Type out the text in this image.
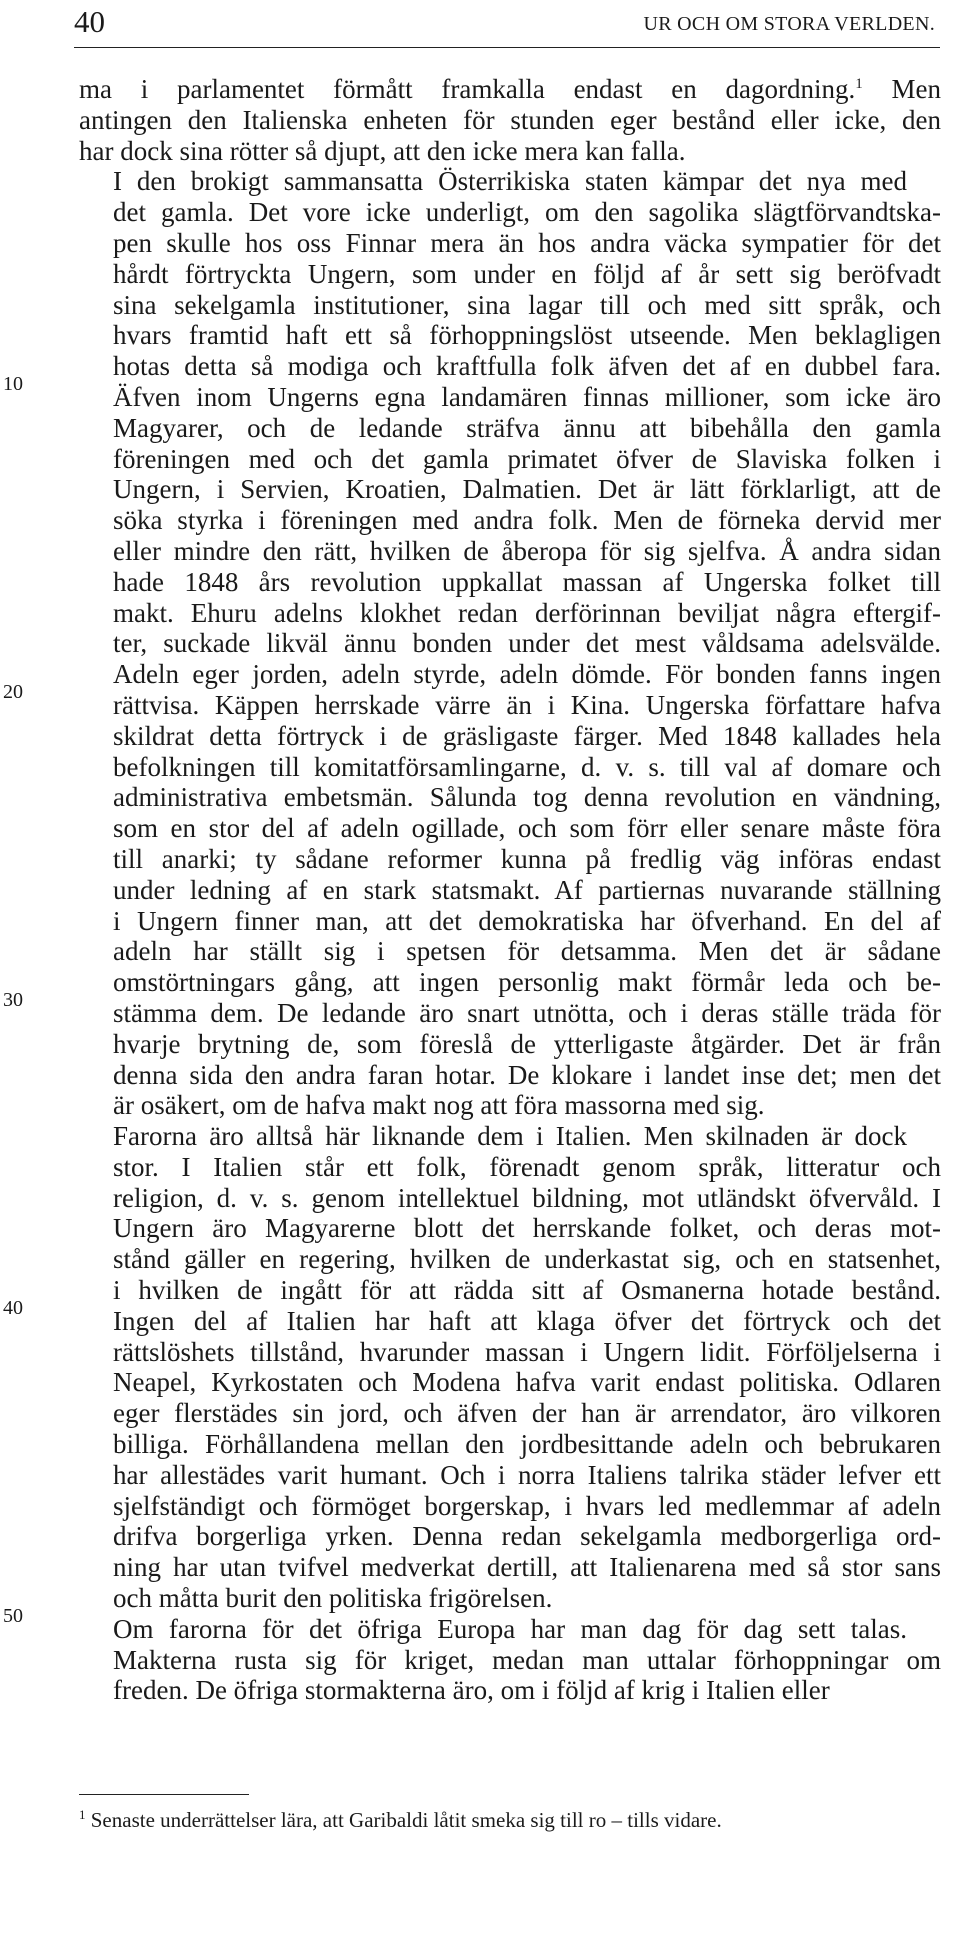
40	UR OCH OM STORA VERLDEN.
10
20
30
40
50

ma i parlamentet förmått framkalla endast en dagordning.$^1$ Men
antingen den Italienska enheten för stunden eger bestånd eller icke, den
har dock sina rötter så djupt, att den icke mera kan falla.

I den brokigt sammansatta Österrikiska staten kämpar det nya med
det gamla. Det vore icke underligt, om den sagolika slägtförvandtska-
pen skulle hos oss Finnar mera än hos andra väcka sympatier för det
hårdt förtryckta Ungern, som under en följd af år sett sig beröfvadt
sina sekelgamla institutioner, sina lagar till och med sitt språk, och
hvars framtid haft ett så förhoppningslöst utseende. Men beklagligen
hotas detta så modiga och kraftfulla folk äfven det af en dubbel fara.
Äfven inom Ungerns egna landamären finnas millioner, som icke äro
Magyarer, och de ledande sträfva ännu att bibehålla den gamla
föreningen med och det gamla primatet öfver de Slaviska folken i
Ungern, i Servien, Kroatien, Dalmatien. Det är lätt förklarligt, att de
söka styrka i föreningen med andra folk. Men de förneka dervid mer
eller mindre den rätt, hvilken de åberopa för sig sjelfva. Å andra sidan
hade 1848 års revolution uppkallat massan af Ungerska folket till
makt. Ehuru adelns klokhet redan derförinnan beviljat några eftergif-
ter, suckade likväl ännu bonden under det mest våldsama adelsvälde.
Adeln eger jorden, adeln styrde, adeln dömde. För bonden fanns ingen
rättvisa. Käppen herrskade värre än i Kina. Ungerska författare hafva
skildrat detta förtryck i de gräsligaste färger. Med 1848 kallades hela
befolkningen till komitatförsamlingarne, d. v. s. till val af domare och
administrativa embetsmän. Sålunda tog denna revolution en vändning,
som en stor del af adeln ogillade, och som förr eller senare måste föra
till anarki; ty sådane reformer kunna på fredlig väg införas endast
under ledning af en stark statsmakt. Af partiernas nuvarande ställning
i Ungern finner man, att det demokratiska har öfverhand. En del af
adeln har ställt sig i spetsen för detsamma. Men det är sådane
omstörtningars gång, att ingen personlig makt förmår leda och be-
stämma dem. De ledande äro snart utnötta, och i deras ställe träda för
hvarje brytning de, som föreslå de ytterligaste åtgärder. Det är från
denna sida den andra faran hotar. De klokare i landet inse det; men det
är osäkert, om de hafva makt nog att föra massorna med sig.

Farorna äro alltså här liknande dem i Italien. Men skilnaden är dock
stor. I Italien står ett folk, förenadt genom språk, litteratur och
religion, d. v. s. genom intellektuel bildning, mot utländskt öfvervåld. I
Ungern äro Magyarerne blott det herrskande folket, och deras mot-
stånd gäller en regering, hvilken de underkastat sig, och en statsenhet,
i hvilken de ingått för att rädda sitt af Osmanerna hotade bestånd.
Ingen del af Italien har haft att klaga öfver det förtryck och det
rättslöshets tillstånd, hvarunder massan i Ungern lidit. Förföljelserna i
Neapel, Kyrkostaten och Modena hafva varit endast politiska. Odlaren
eger flerstädes sin jord, och äfven der han är arrendator, äro vilkoren
billiga. Förhållandena mellan den jordbesittande adeln och bebrukaren
har allestädes varit humant. Och i norra Italiens talrika städer lefver ett
sjelfständigt och förmöget borgerskap, i hvars led medlemmar af adeln
drifva borgerliga yrken. Denna redan sekelgamla medborgerliga ord-
ning har utan tvifvel medverkat dertill, att Italienarena med så stor sans
och måtta burit den politiska frigörelsen.

Om farorna för det öfriga Europa har man dag för dag sett talas.
Makterna rusta sig för kriget, medan man uttalar förhoppningar om
freden. De öfriga stormakterna äro, om i följd af krig i Italien eller

$^1$ Senaste underrättelser lära, att Garibaldi låtit smeka sig till ro – tills vidare.
